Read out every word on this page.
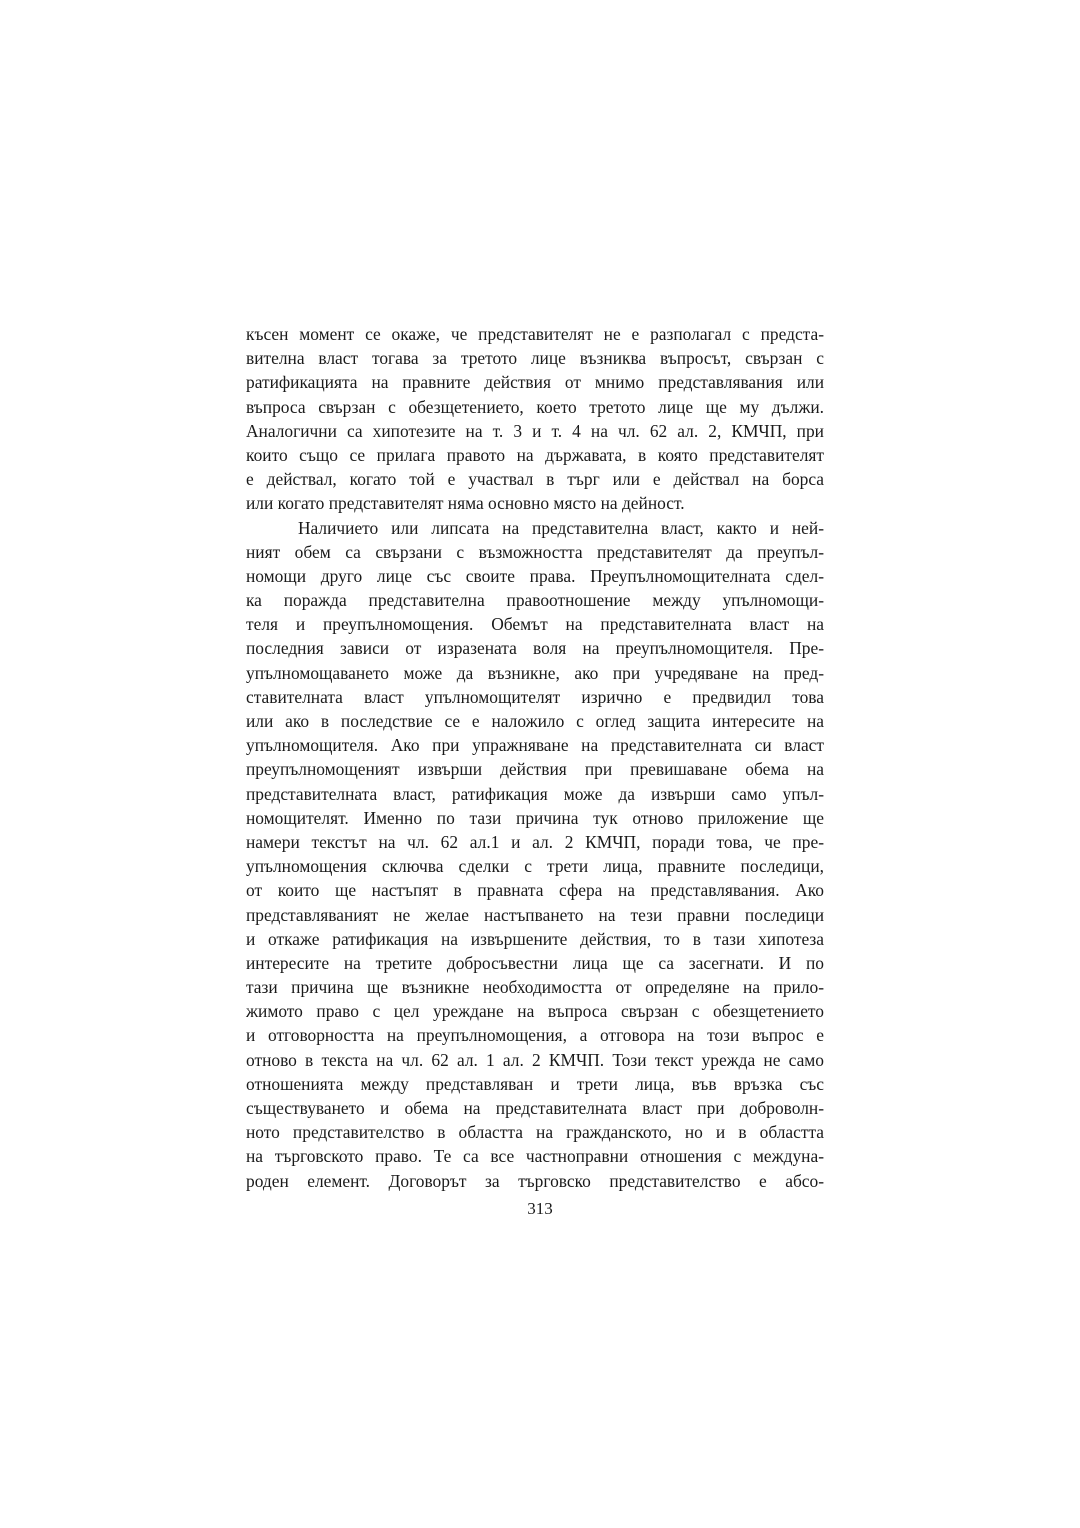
късен момент се окаже, че представителят не е разполагал с предста-
вителна власт тогава за третото лице възниква въпросът, свързан с
ратификацията на правните действия от мнимо представлявания или
въпроса свързан с обезщетението, което третото лице ще му дължи.
Аналогични са хипотезите на т. 3 и т. 4 на чл. 62 ал. 2, КМЧП, при
които също се прилага правото на държавата, в която представителят
е действал, когато той е участвал в търг или е действал на борса
или когато представителят няма основно място на дейност.
Наличието или липсата на представителна власт, както и ней-
ният обем са свързани с възможността представителят да преупъл-
номощи друго лице със своите права. Преупълномощителната сдел-
ка поражда представителна правоотношение между упълномощи-
теля и преупълномощения. Обемът на представителната власт на
последния зависи от изразената воля на преупълномощителя. Пре-
упълномощаването може да възникне, ако при учредяване на пред-
ставителната власт упълномощителят изрично е предвидил това
или ако в последствие се е наложило с оглед защита интересите на
упълномощителя. Ако при упражняване на представителната си власт
преупълномощеният извърши действия при превишаване обема на
представителната власт, ратификация може да извърши само упъл-
номощителят. Именно по тази причина тук отново приложение ще
намери текстът на чл. 62 ал.1 и ал. 2 КМЧП, поради това, че пре-
упълномощения сключва сделки с трети лица, правните последици,
от които ще настъпят в правната сфера на представлявания. Ако
представляваният не желае настъпването на тези правни последици
и откаже ратификация на извършените действия, то в тази хипотеза
интересите на третите добросъвестни лица ще са засегнати. И по
тази причина ще възникне необходимостта от определяне на прило-
жимото право с цел уреждане на въпроса свързан с обезщетението
и отговорността на преупълномощения, а отговора на този въпрос е
отново в текста на чл. 62 ал. 1 ал. 2 КМЧП. Този текст урежда не само
отношенията между представляван и трети лица, във връзка със
съществуването и обема на представителната власт при доброволн-
ното представителство в областта на гражданското, но и в областта
на търговското право. Те са все частноправни отношения с междуна-
роден елемент. Договорът за търговско представителство е абсо-
313
